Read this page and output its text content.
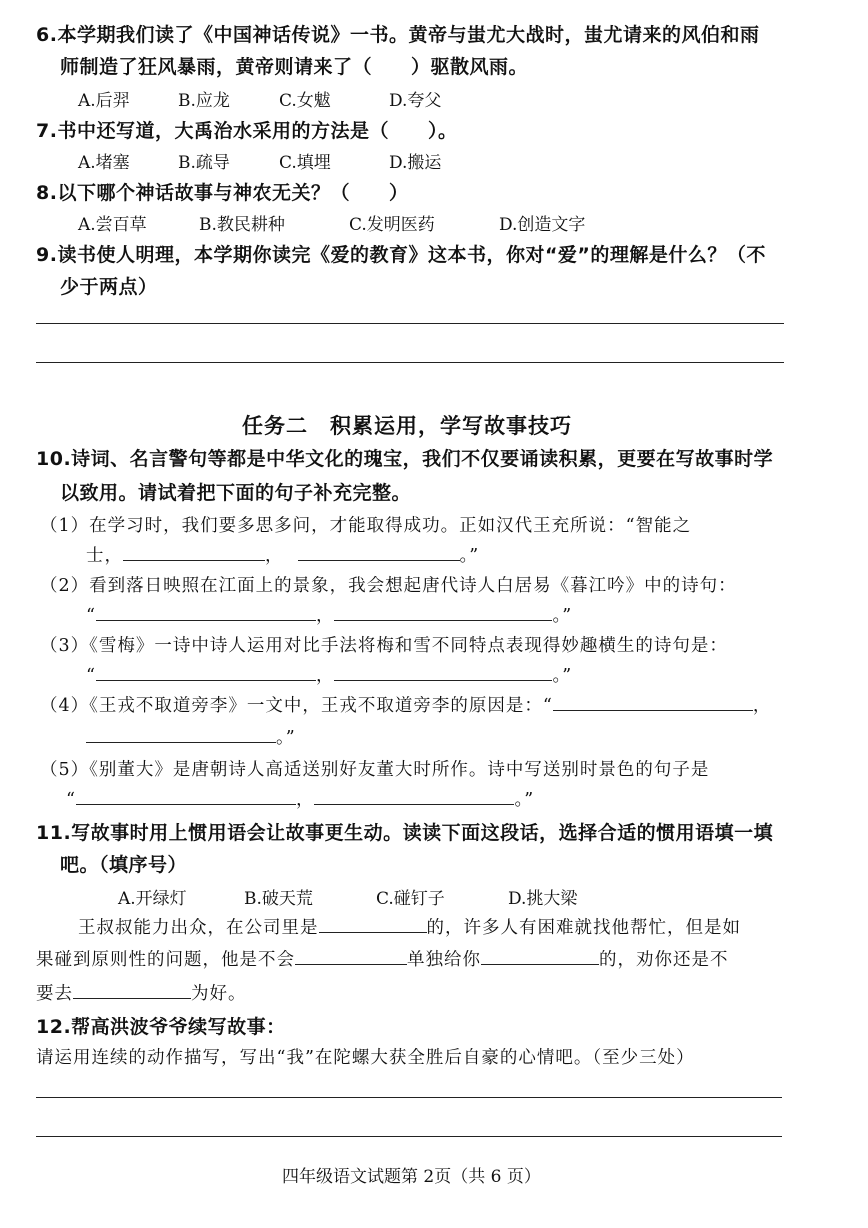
6.本学期我们读了《中国神话传说》一书。黄帝与蚩尤大战时，蚩尤请来的风伯和雨
师制造了狂风暴雨，黄帝则请来了（　　）驱散风雨。
A.后羿	B.应龙	C.女魃	D.夸父
7.书中还写道，大禹治水采用的方法是（　　）。
A.堵塞	B.疏导	C.填埋	D.搬运
8.以下哪个神话故事与神农无关？（　　）
A.尝百草	B.教民耕种	C.发明医药	D.创造文字
9.读书使人明理，本学期你读完《爱的教育》这本书，你对“爱”的理解是什么？（不
少于两点）
任务二　积累运用，学写故事技巧
10.诗词、名言警句等都是中华文化的瑰宝，我们不仅要诵读积累，更要在写故事时学
以致用。请试着把下面的句子补充完整。
（1）在学习时，我们要多思多问，才能取得成功。正如汉代王充所说：“智能之
士，	，	。”
（2）看到落日映照在江面上的景象，我会想起唐代诗人白居易《暮江吟》中的诗句：
“	，	。”
（3）《雪梅》一诗中诗人运用对比手法将梅和雪不同特点表现得妙趣横生的诗句是：
“	，	。”
（4）《王戎不取道旁李》一文中，王戎不取道旁李的原因是：“	，
。”
（5）《别董大》是唐朝诗人高适送别好友董大时所作。诗中写送别时景色的句子是
“	，	。”
11.写故事时用上惯用语会让故事更生动。读读下面这段话，选择合适的惯用语填一填
吧。（填序号）
A.开绿灯	B.破天荒	C.碰钉子	D.挑大梁
王叔叔能力出众，在公司里是	的，许多人有困难就找他帮忙，但是如
果碰到原则性的问题，他是不会	单独给你	的，劝你还是不
要去	为好。
12.帮高洪波爷爷续写故事：
请运用连续的动作描写，写出“我”在陀螺大获全胜后自豪的心情吧。（至少三处）
四年级语文试题第 2页（共 6 页）
